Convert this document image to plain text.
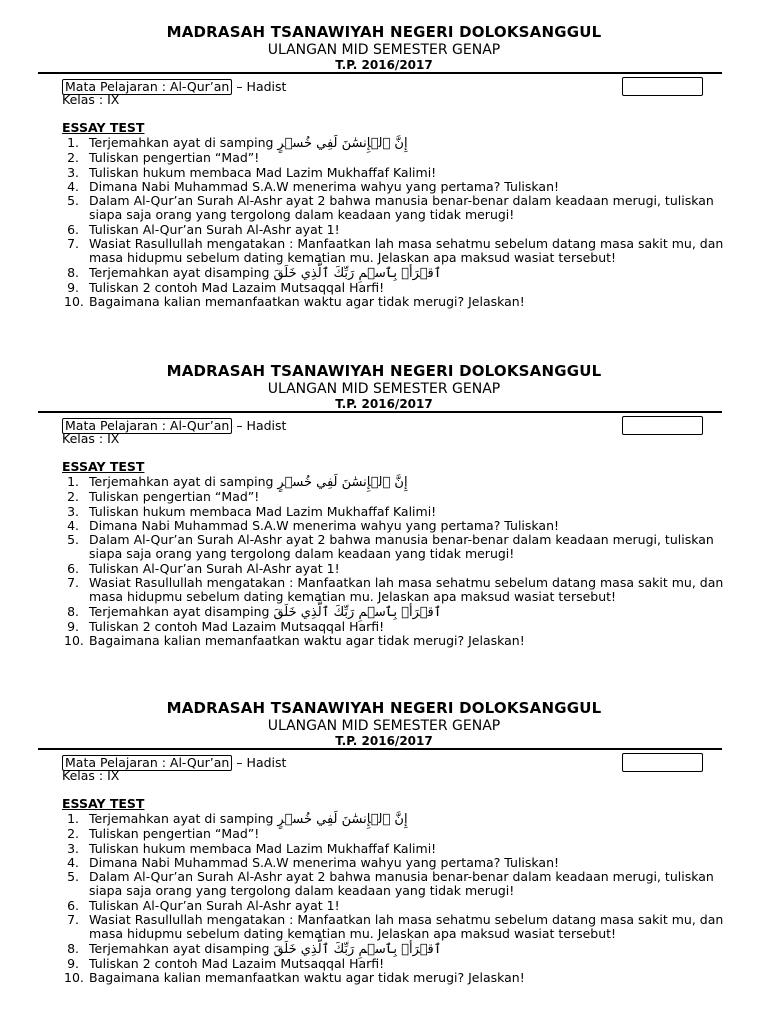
MADRASAH TSANAWIYAH NEGERI DOLOKSANGGUL
ULANGAN MID SEMESTER GENAP
T.P. 2016/2017
Mata Pelajaran : Al-Qur’an – Hadist
Kelas : IX
ESSAY TEST
1. Terjemahkan ayat di samping إِنَّ ٱلۡإِنسَٰنَ لَفِي خُسۡرٍ
2. Tuliskan pengertian “Mad”!
3. Tuliskan hukum membaca Mad Lazim Mukhaffaf Kalimi!
4. Dimana Nabi Muhammad S.A.W menerima wahyu yang pertama? Tuliskan!
5. Dalam Al-Qur’an Surah Al-Ashr ayat 2 bahwa manusia benar-benar dalam keadaan merugi, tuliskan siapa saja orang yang tergolong dalam keadaan yang tidak merugi!
6. Tuliskan Al-Qur’an Surah Al-Ashr ayat 1!
7. Wasiat Rasullullah mengatakan : Manfaatkan lah masa sehatmu sebelum datang masa sakit mu, dan masa hidupmu sebelum dating kematian mu. Jelaskan apa maksud wasiat tersebut!
8. Terjemahkan ayat disamping ٱقۡرَأۡ بِٱسۡمِ رَبِّكَ ٱلَّذِي خَلَقَ
9. Tuliskan 2 contoh Mad Lazaim Mutsaqqal Harfi!
10. Bagaimana kalian memanfaatkan waktu agar tidak merugi? Jelaskan!
MADRASAH TSANAWIYAH NEGERI DOLOKSANGGUL
ULANGAN MID SEMESTER GENAP
T.P. 2016/2017
Mata Pelajaran : Al-Qur’an – Hadist
Kelas : IX
ESSAY TEST
1. Terjemahkan ayat di samping إِنَّ ٱلۡإِنسَٰنَ لَفِي خُسۡرٍ
2. Tuliskan pengertian “Mad”!
3. Tuliskan hukum membaca Mad Lazim Mukhaffaf Kalimi!
4. Dimana Nabi Muhammad S.A.W menerima wahyu yang pertama? Tuliskan!
5. Dalam Al-Qur’an Surah Al-Ashr ayat 2 bahwa manusia benar-benar dalam keadaan merugi, tuliskan siapa saja orang yang tergolong dalam keadaan yang tidak merugi!
6. Tuliskan Al-Qur’an Surah Al-Ashr ayat 1!
7. Wasiat Rasullullah mengatakan : Manfaatkan lah masa sehatmu sebelum datang masa sakit mu, dan masa hidupmu sebelum dating kematian mu. Jelaskan apa maksud wasiat tersebut!
8. Terjemahkan ayat disamping ٱقۡرَأۡ بِٱسۡمِ رَبِّكَ ٱلَّذِي خَلَقَ
9. Tuliskan 2 contoh Mad Lazaim Mutsaqqal Harfi!
10. Bagaimana kalian memanfaatkan waktu agar tidak merugi? Jelaskan!
MADRASAH TSANAWIYAH NEGERI DOLOKSANGGUL
ULANGAN MID SEMESTER GENAP
T.P. 2016/2017
Mata Pelajaran : Al-Qur’an – Hadist
Kelas : IX
ESSAY TEST
1. Terjemahkan ayat di samping إِنَّ ٱلۡإِنسَٰنَ لَفِي خُسۡرٍ
2. Tuliskan pengertian “Mad”!
3. Tuliskan hukum membaca Mad Lazim Mukhaffaf Kalimi!
4. Dimana Nabi Muhammad S.A.W menerima wahyu yang pertama? Tuliskan!
5. Dalam Al-Qur’an Surah Al-Ashr ayat 2 bahwa manusia benar-benar dalam keadaan merugi, tuliskan siapa saja orang yang tergolong dalam keadaan yang tidak merugi!
6. Tuliskan Al-Qur’an Surah Al-Ashr ayat 1!
7. Wasiat Rasullullah mengatakan : Manfaatkan lah masa sehatmu sebelum datang masa sakit mu, dan masa hidupmu sebelum dating kematian mu. Jelaskan apa maksud wasiat tersebut!
8. Terjemahkan ayat disamping ٱقۡرَأۡ بِٱسۡمِ رَبِّكَ ٱلَّذِي خَلَقَ
9. Tuliskan 2 contoh Mad Lazaim Mutsaqqal Harfi!
10. Bagaimana kalian memanfaatkan waktu agar tidak merugi? Jelaskan!
